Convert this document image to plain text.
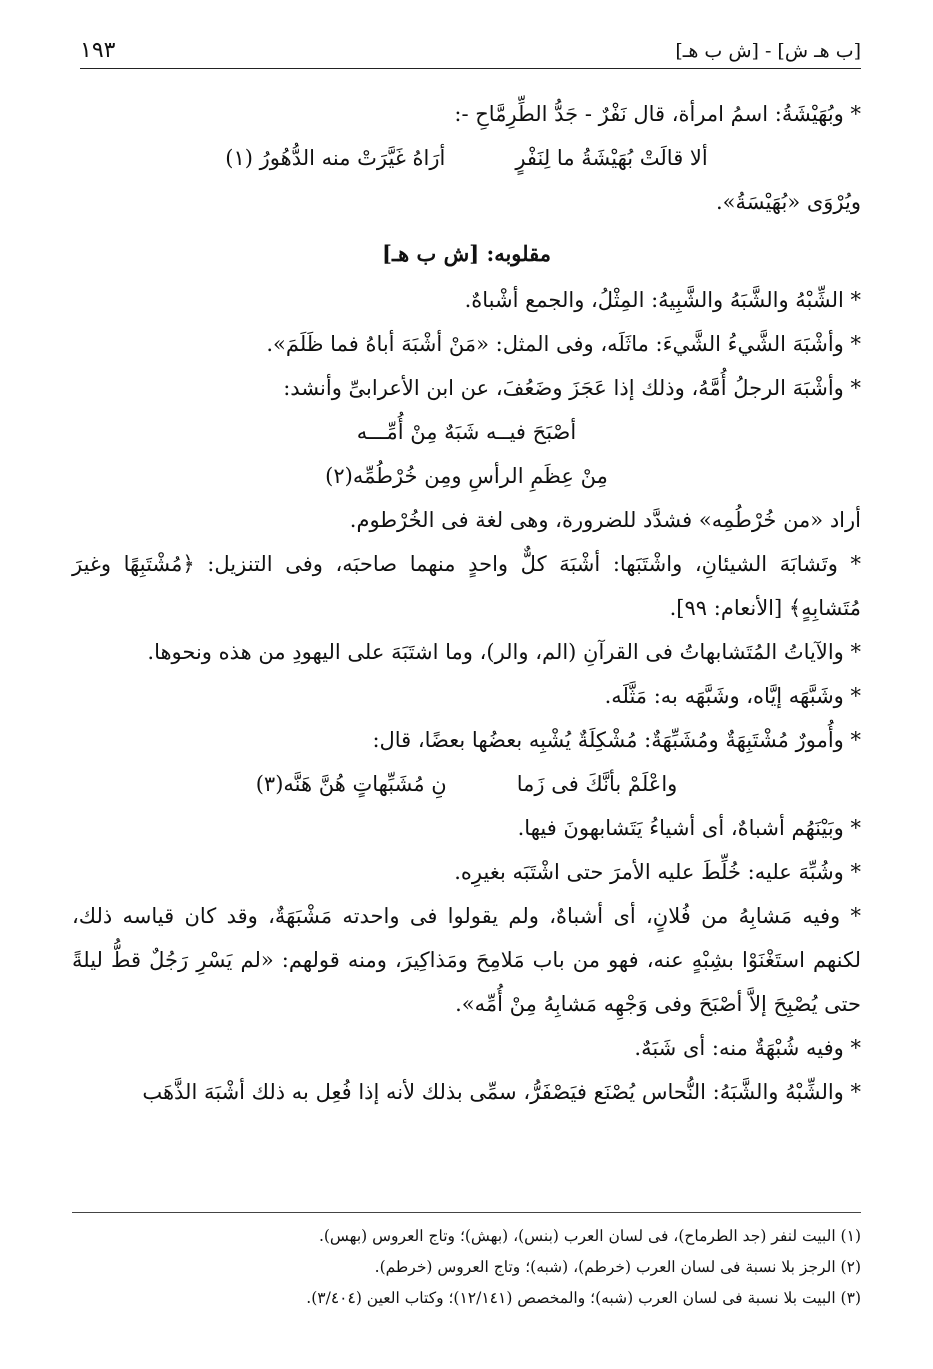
[ب هـ ش] - [ش ب هـ]
١٩٣

* وبُهَيْشَةُ: اسمُ امرأة، قال نَفْرٌ - جَدُّ الطِّرِمَّاحِ -:

ألا قالَتْ بُهَيْشَةُ ما لِنَفْرٍ
أرَاهُ غَيَّرَتْ منه الدُّهُورُ (١)

ويُرْوَى «بُهَيْسَةُ».

مقلوبه: [ش ب هـ]

* الشِّبْهُ والشَّبَهُ والشَّبِيهُ: المِثْلُ، والجمع أشْباهٌ.

* وأشْبَهَ الشَّيءُ الشَّيءَ: ماثَلَه، وفى المثل: «مَنْ أشْبَهَ أباهُ فما ظَلَمَ».

* وأشْبَهَ الرجلُ أُمَّهُ، وذلك إذا عَجَزَ وضَعُفَ، عن ابن الأعرابىِّ وأنشد:

أصْبَحَ فيــه شَبَهٌ مِنْ أُمِّـــه
مِنْ عِظَمِ الرأسِ ومِن خُرْطُمِّه(٢)

أراد «من خُرْطُمِه» فشدَّد للضرورة، وهى لغة فى الخُرْطوم.

* وتَشابَهَ الشيئانِ، واشْتَبَها: أشْبَهَ كلٌّ واحدٍ منهما صاحبَه، وفى التنزيل: ﴿مُشْتَبِهًا وغيرَ مُتَشابِهٍ﴾ [الأنعام: ٩٩].

* والآياتُ المُتَشابهاتُ فى القرآنِ (الم، والر)، وما اشتَبَهَ على اليهودِ من هذه ونحوها.

* وشَبَّهَه إيَّاه، وشَبَّهَه به: مَثَّلَه.

* وأُمورٌ مُشْتَبِهَةٌ ومُشَبِّهَةٌ: مُشْكِلَةٌ يُشْبِه بعضُها بعضًا، قال:

واعْلَمْ بأنَّكَ فى زَما
نِ مُشَبِّهاتٍ هُنَّ هَنَّه(٣)

* وبَيْنَهُم أشباهٌ، أى أشياءُ يَتَشابهونَ فيها.

* وشُبِّهَ عليه: خُلِّطَ عليه الأمرَ حتى اشْتَبَه بغيرِه.

* وفيه مَشابِهُ من فُلانٍ، أى أشباهٌ، ولم يقولوا فى واحدته مَشْبَهَةٌ، وقد كان قياسه ذلك، لكنهم استَغْنَوْا بشِبْهٍ عنه، فهو من باب مَلامِحَ ومَذاكِيرَ، ومنه قولهم: «لم يَسْرِ رَجُلٌ قطُّ ليلةً حتى يُصْبِحَ إلاَّ أصْبَحَ وفى وَجْهِه مَشابِهُ مِنْ أُمِّه».

* وفيه شُبْهَةٌ منه: أى شَبَهٌ.

* والشِّبْهُ والشَّبَهُ: النُّحاس يُصْنَع فيَصْفَرُّ، سمِّى بذلك لأنه إذا فُعِل به ذلك أشْبَهَ الذَّهَب

(١) البيت لنفر (جد الطرماح)، فى لسان العرب (بنس)، (بهش)؛ وتاج العروس (بهس).

(٢) الرجز بلا نسبة فى لسان العرب (خرطم)، (شبه)؛ وتاج العروس (خرطم).

(٣) البيت بلا نسبة فى لسان العرب (شبه)؛ والمخصص (١٢/١٤١)؛ وكتاب العين (٣/٤٠٤).
